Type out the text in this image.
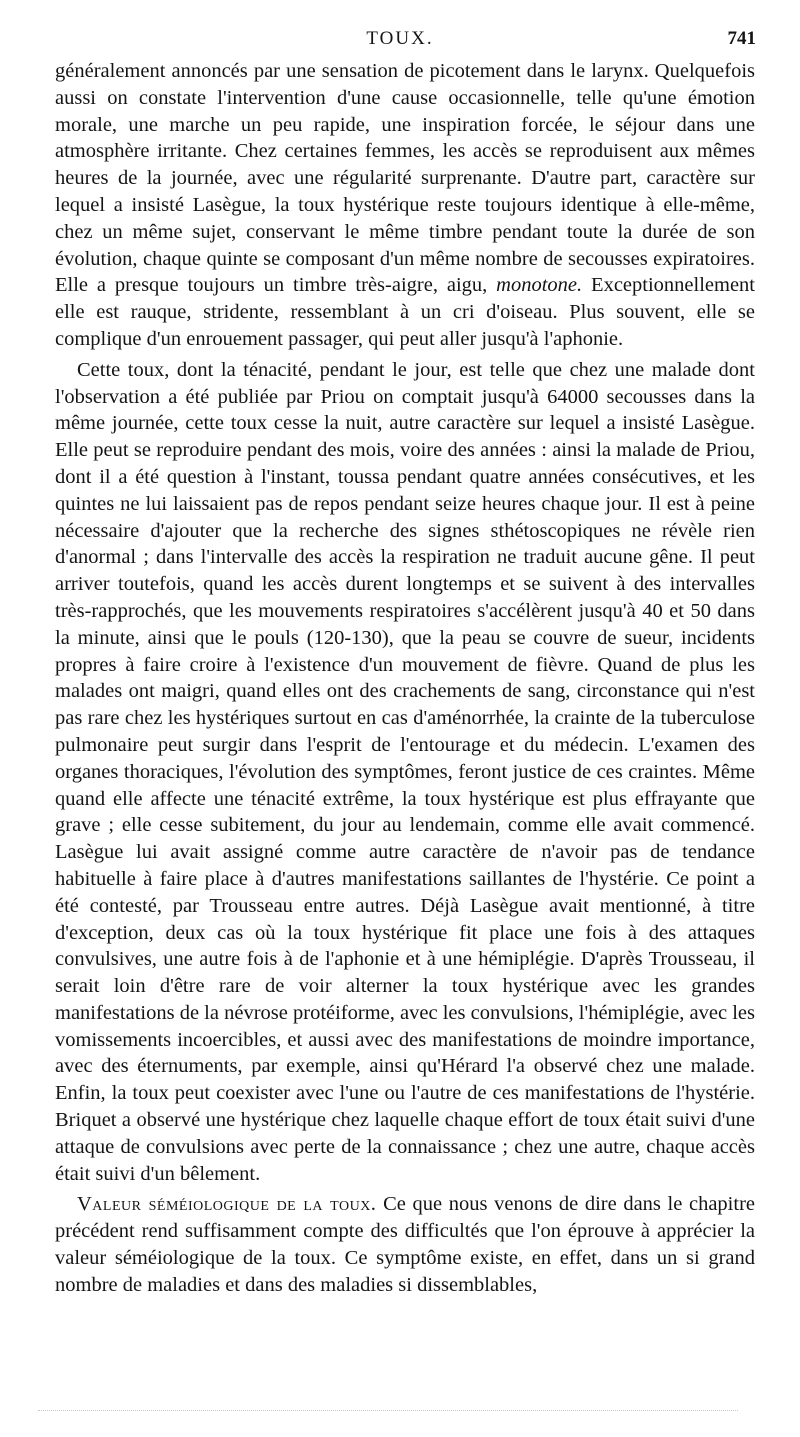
TOUX.	741

généralement annoncés par une sensation de picotement dans le larynx. Quelquefois aussi on constate l'intervention d'une cause occasionnelle, telle qu'une émotion morale, une marche un peu rapide, une inspiration forcée, le séjour dans une atmosphère irritante. Chez certaines femmes, les accès se reproduisent aux mêmes heures de la journée, avec une régularité surprenante. D'autre part, caractère sur lequel a insisté Lasègue, la toux hystérique reste toujours identique à elle-même, chez un même sujet, conservant le même timbre pendant toute la durée de son évolution, chaque quinte se composant d'un même nombre de secousses expiratoires. Elle a presque toujours un timbre très-aigre, aigu, monotone. Exceptionnellement elle est rauque, stridente, ressemblant à un cri d'oiseau. Plus souvent, elle se complique d'un enrouement passager, qui peut aller jusqu'à l'aphonie.

Cette toux, dont la ténacité, pendant le jour, est telle que chez une malade dont l'observation a été publiée par Priou on comptait jusqu'à 64000 secousses dans la même journée, cette toux cesse la nuit, autre caractère sur lequel a insisté Lasègue. Elle peut se reproduire pendant des mois, voire des années : ainsi la malade de Priou, dont il a été question à l'instant, toussa pendant quatre années consécutives, et les quintes ne lui laissaient pas de repos pendant seize heures chaque jour. Il est à peine nécessaire d'ajouter que la recherche des signes sthétoscopiques ne révèle rien d'anormal ; dans l'intervalle des accès la respiration ne traduit aucune gêne. Il peut arriver toutefois, quand les accès durent longtemps et se suivent à des intervalles très-rapprochés, que les mouvements respiratoires s'accélèrent jusqu'à 40 et 50 dans la minute, ainsi que le pouls (120-130), que la peau se couvre de sueur, incidents propres à faire croire à l'existence d'un mouvement de fièvre. Quand de plus les malades ont maigri, quand elles ont des crachements de sang, circonstance qui n'est pas rare chez les hystériques surtout en cas d'aménorrhée, la crainte de la tuberculose pulmonaire peut surgir dans l'esprit de l'entourage et du médecin. L'examen des organes thoraciques, l'évolution des symptômes, feront justice de ces craintes. Même quand elle affecte une ténacité extrême, la toux hystérique est plus effrayante que grave ; elle cesse subitement, du jour au lendemain, comme elle avait commencé. Lasègue lui avait assigné comme autre caractère de n'avoir pas de tendance habituelle à faire place à d'autres manifestations saillantes de l'hystérie. Ce point a été contesté, par Trousseau entre autres. Déjà Lasègue avait mentionné, à titre d'exception, deux cas où la toux hystérique fit place une fois à des attaques convulsives, une autre fois à de l'aphonie et à une hémiplégie. D'après Trousseau, il serait loin d'être rare de voir alterner la toux hystérique avec les grandes manifestations de la névrose protéiforme, avec les convulsions, l'hémiplégie, avec les vomissements incoercibles, et aussi avec des manifestations de moindre importance, avec des éternuments, par exemple, ainsi qu'Hérard l'a observé chez une malade. Enfin, la toux peut coexister avec l'une ou l'autre de ces manifestations de l'hystérie. Briquet a observé une hystérique chez laquelle chaque effort de toux était suivi d'une attaque de convulsions avec perte de la connaissance ; chez une autre, chaque accès était suivi d'un bêlement.

Valeur séméiologique de la toux. Ce que nous venons de dire dans le chapitre précédent rend suffisamment compte des difficultés que l'on éprouve à apprécier la valeur séméiologique de la toux. Ce symptôme existe, en effet, dans un si grand nombre de maladies et dans des maladies si dissemblables,
